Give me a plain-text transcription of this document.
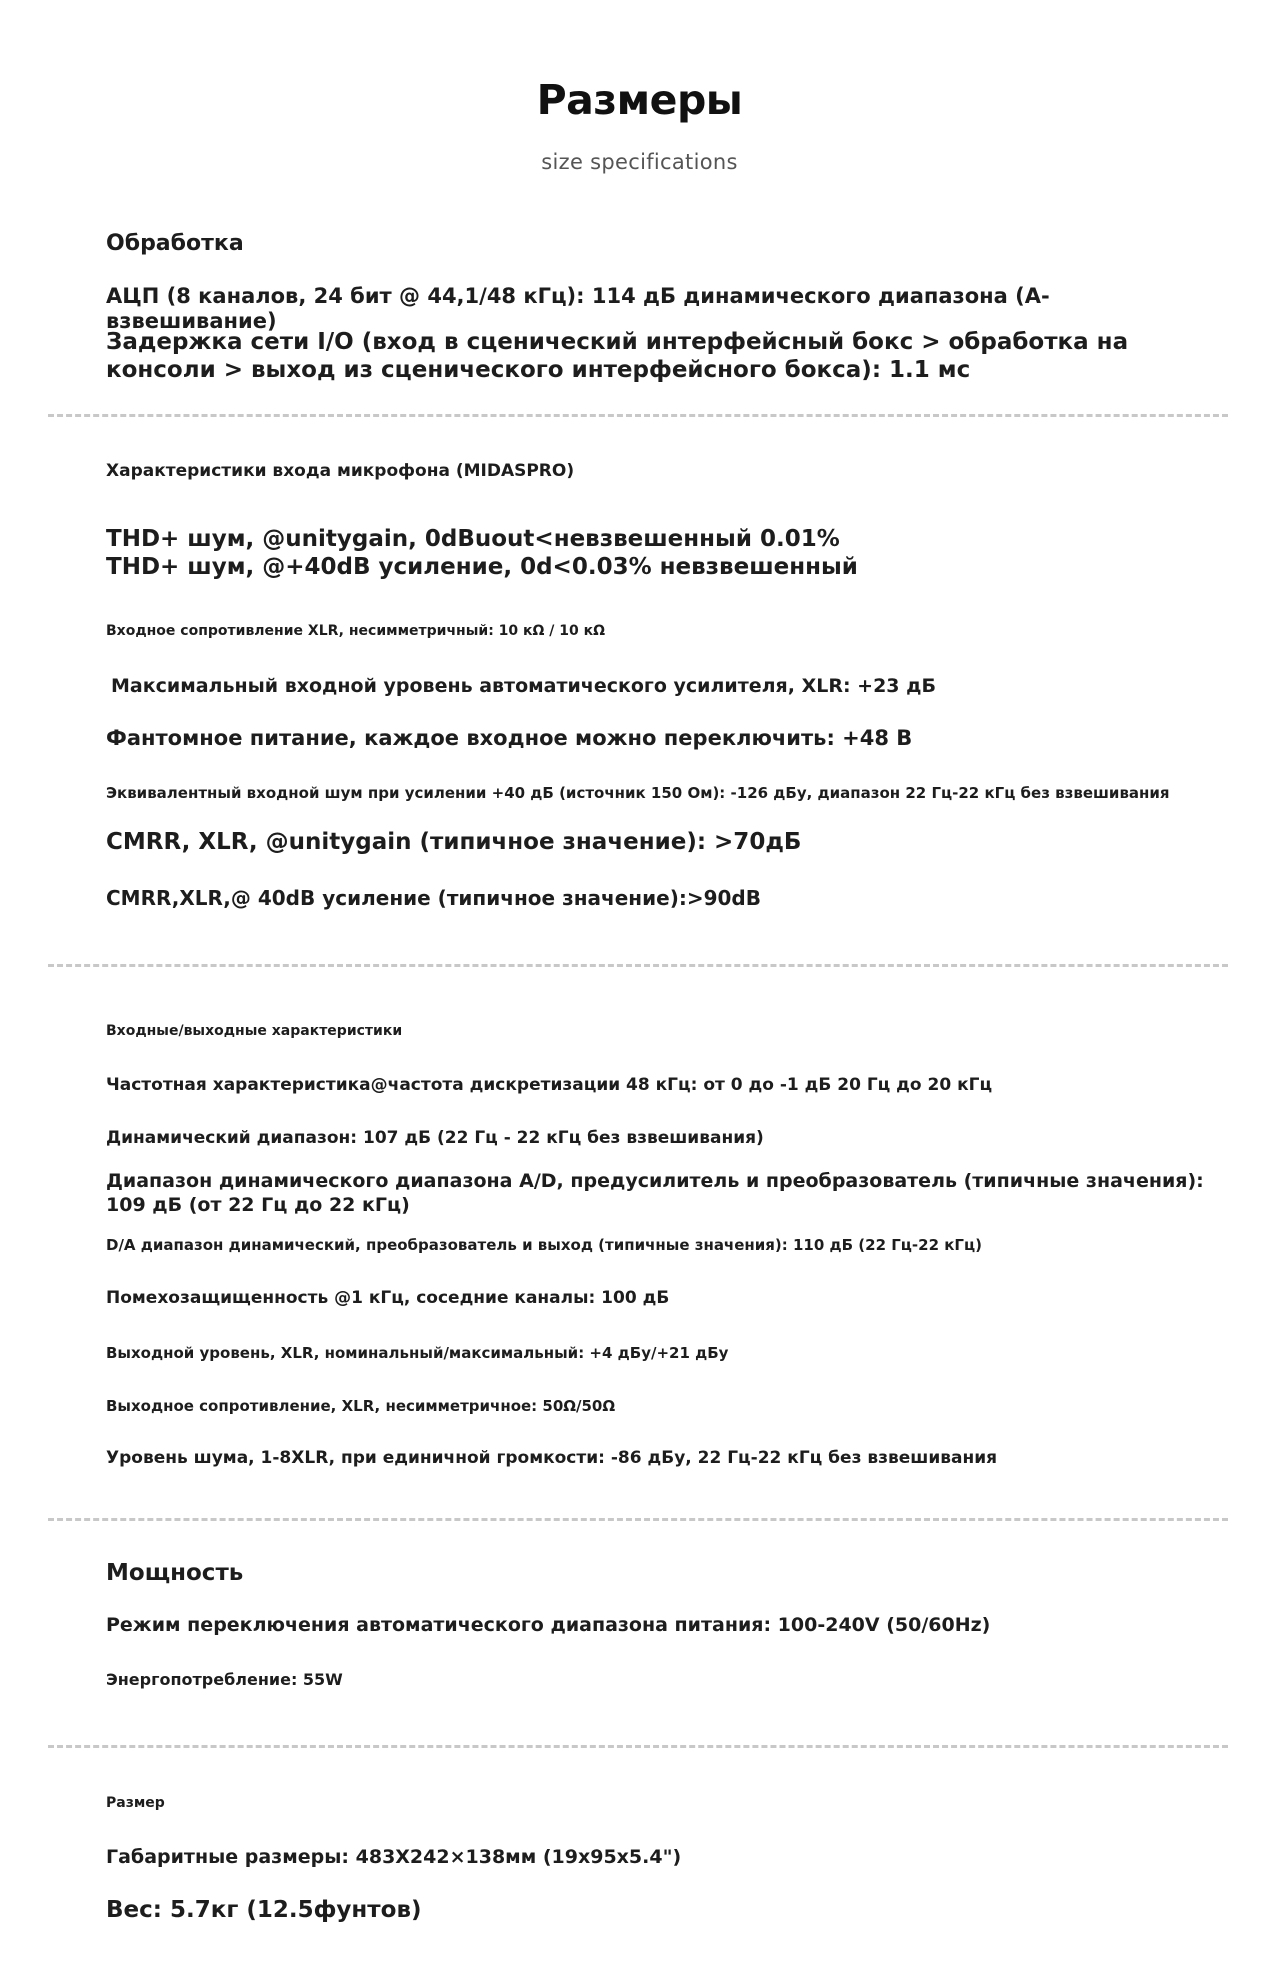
Размеры
size specifications
Обработка
АЦП (8 каналов, 24 бит @ 44,1/48 кГц): 114 дБ динамического диапазона (A-взвешивание)
Задержка сети I/O (вход в сценический интерфейсный бокс > обработка на консоли > выход из сценического интерфейсного бокса): 1.1 мс
Характеристики входа микрофона (MIDASPRO)
THD+ шум, @unitygain, 0dBuout<невзвешенный 0.01% THD+ шум, @+40dB усиление, 0d<0.03% невзвешенный
Входное сопротивление XLR, несимметричный: 10 кΩ / 10 кΩ
Максимальный входной уровень автоматического усилителя, XLR: +23 дБ
Фантомное питание, каждое входное можно переключить: +48 В
Эквивалентный входной шум при усилении +40 дБ (источник 150 Ом): -126 дБу, диапазон 22 Гц-22 кГц без взвешивания
CMRR, XLR, @unitygain (типичное значение): >70дБ
CMRR,XLR,@ 40dB усиление (типичное значение):>90dB
Входные/выходные характеристики
Частотная характеристика@частота дискретизации 48 кГц: от 0 до -1 дБ 20 Гц до 20 кГц
Динамический диапазон: 107 дБ (22 Гц - 22 кГц без взвешивания)
Диапазон динамического диапазона A/D, предусилитель и преобразователь (типичные значения): 109 дБ (от 22 Гц до 22 кГц)
D/A диапазон динамический, преобразователь и выход (типичные значения): 110 дБ (22 Гц-22 кГц)
Помехозащищенность @1 кГц, соседние каналы: 100 дБ
Выходной уровень, XLR, номинальный/максимальный: +4 дБу/+21 дБу
Выходное сопротивление, XLR, несимметричное: 50Ω/50Ω
Уровень шума, 1-8XLR, при единичной громкости: -86 дБу, 22 Гц-22 кГц без взвешивания
Мощность
Режим переключения автоматического диапазона питания: 100-240V (50/60Hz)
Энергопотребление: 55W
Размер
Габаритные размеры: 483X242×138мм (19x95x5.4")
Вес: 5.7кг (12.5фунтов)
